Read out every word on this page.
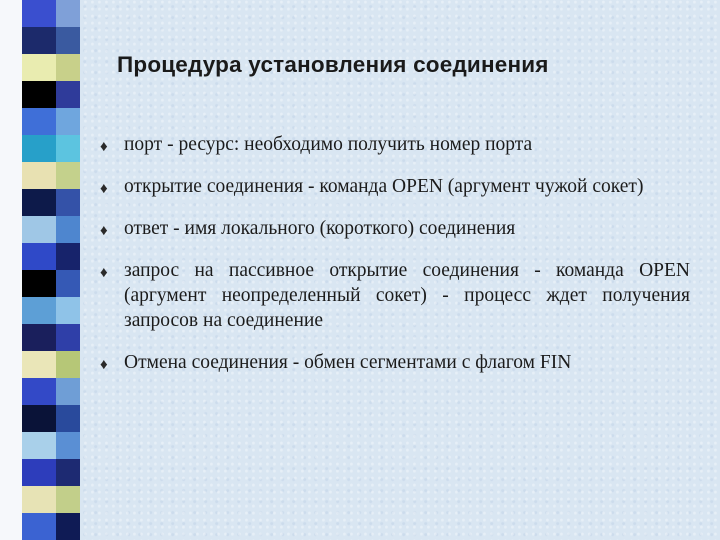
Процедура установления соединения
♦ порт - ресурс: необходимо получить номер порта
♦ открытие соединения - команда OPEN (аргумент чужой сокет)
♦ ответ - имя локального (короткого) соединения
♦ запрос на пассивное открытие соединения - команда OPEN (аргумент неопределенный сокет) - процесс ждет получения запросов на соединение
♦ Отмена соединения - обмен сегментами с флагом FIN
